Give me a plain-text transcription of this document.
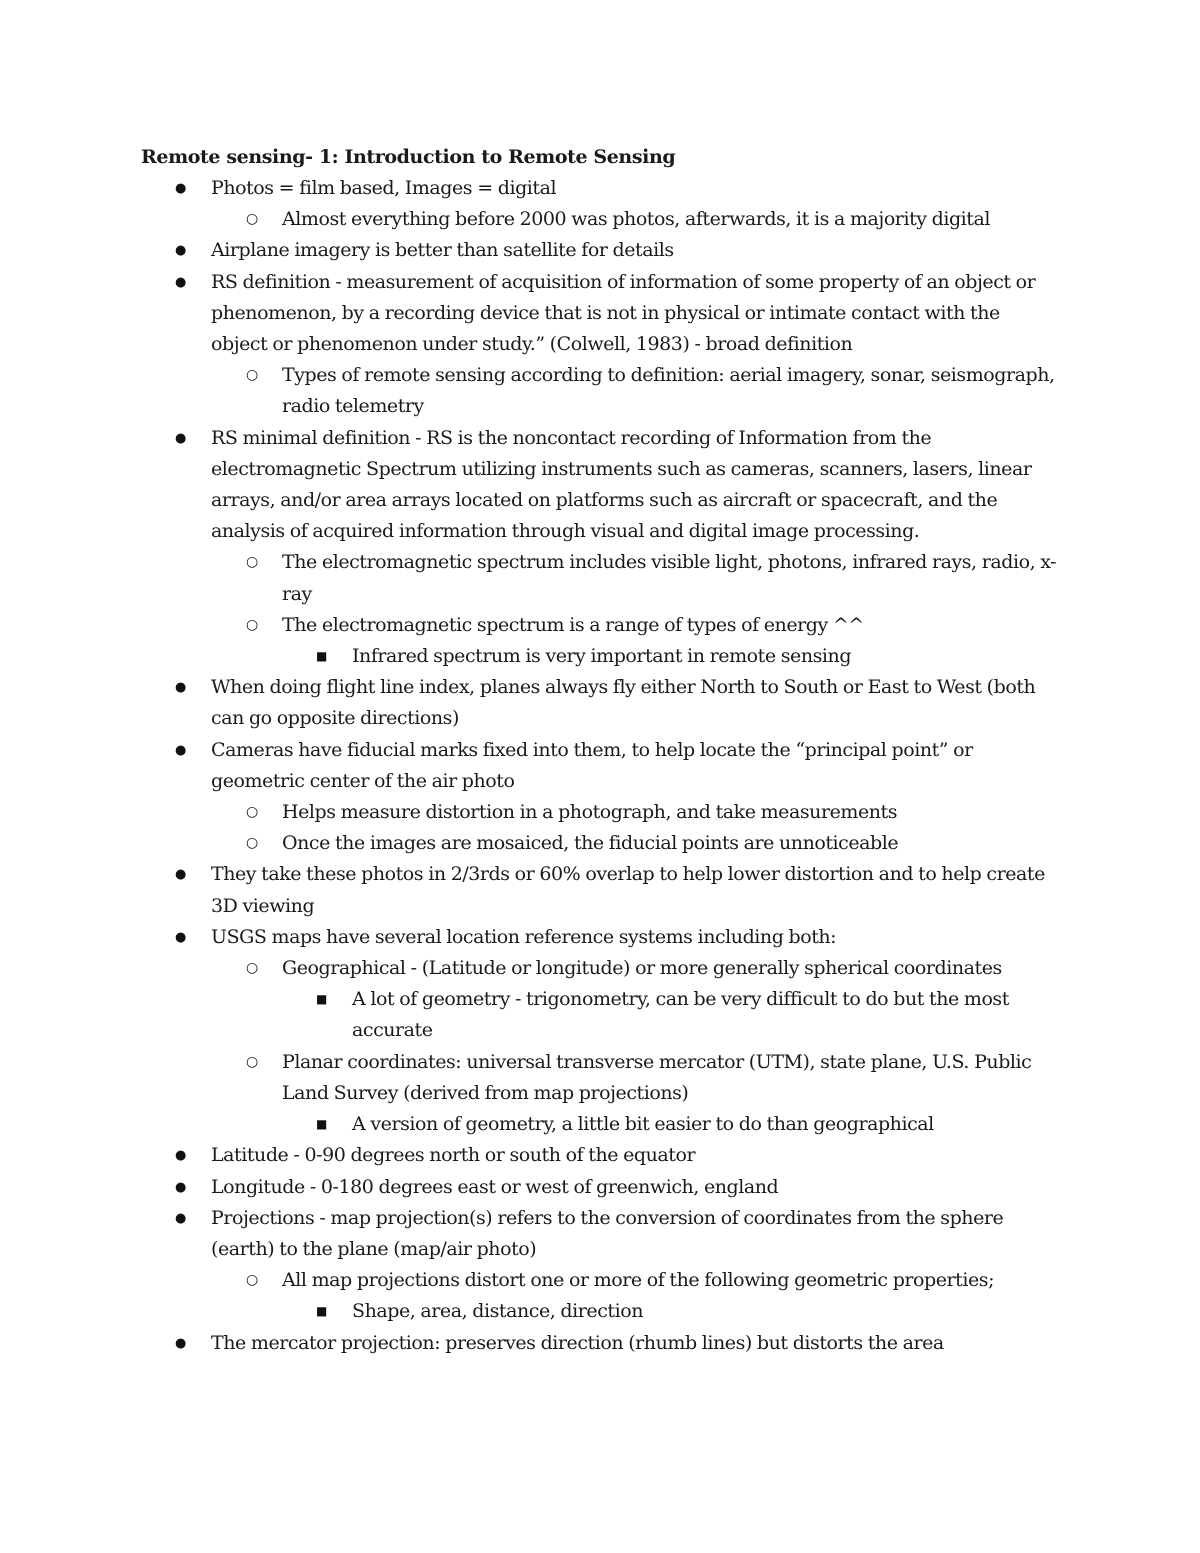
Remote sensing- 1: Introduction to Remote Sensing
● Photos = film based, Images = digital
○ Almost everything before 2000 was photos, afterwards, it is a majority digital
● Airplane imagery is better than satellite for details
● RS definition - measurement of acquisition of information of some property of an object or phenomenon, by a recording device that is not in physical or intimate contact with the object or phenomenon under study.” (Colwell, 1983) - broad definition
○ Types of remote sensing according to definition: aerial imagery, sonar, seismograph, radio telemetry
● RS minimal definition - RS is the noncontact recording of Information from the electromagnetic Spectrum utilizing instruments such as cameras, scanners, lasers, linear arrays, and/or area arrays located on platforms such as aircraft or spacecraft, and the analysis of acquired information through visual and digital image processing.
○ The electromagnetic spectrum includes visible light, photons, infrared rays, radio, x-ray
○ The electromagnetic spectrum is a range of types of energy ^^
■ Infrared spectrum is very important in remote sensing
● When doing flight line index, planes always fly either North to South or East to West (both can go opposite directions)
● Cameras have fiducial marks fixed into them, to help locate the “principal point” or geometric center of the air photo
○ Helps measure distortion in a photograph, and take measurements
○ Once the images are mosaiced, the fiducial points are unnoticeable
● They take these photos in 2/3rds or 60% overlap to help lower distortion and to help create 3D viewing
● USGS maps have several location reference systems including both:
○ Geographical - (Latitude or longitude) or more generally spherical coordinates
■ A lot of geometry - trigonometry, can be very difficult to do but the most accurate
○ Planar coordinates: universal transverse mercator (UTM), state plane, U.S. Public Land Survey (derived from map projections)
■ A version of geometry, a little bit easier to do than geographical
● Latitude - 0-90 degrees north or south of the equator
● Longitude - 0-180 degrees east or west of greenwich, england
● Projections - map projection(s) refers to the conversion of coordinates from the sphere (earth) to the plane (map/air photo)
○ All map projections distort one or more of the following geometric properties;
■ Shape, area, distance, direction
● The mercator projection: preserves direction (rhumb lines) but distorts the area
